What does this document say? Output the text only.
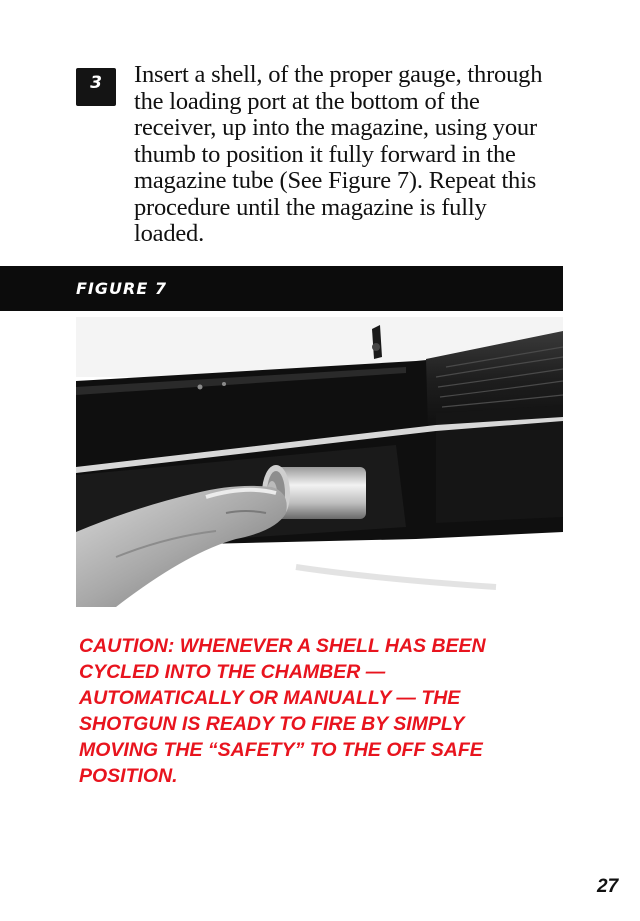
3	Insert a shell, of the proper gauge, through
the loading port at the bottom of the
receiver, up into the magazine, using your
thumb to position it fully forward in the
magazine tube (See Figure 7). Repeat this
procedure until the magazine is fully
loaded.
FIGURE 7
CAUTION: WHENEVER A SHELL HAS BEEN
CYCLED INTO THE CHAMBER —
AUTOMATICALLY OR MANUALLY — THE
SHOTGUN IS READY TO FIRE BY SIMPLY
MOVING THE “SAFETY” TO THE OFF SAFE
POSITION.
27
